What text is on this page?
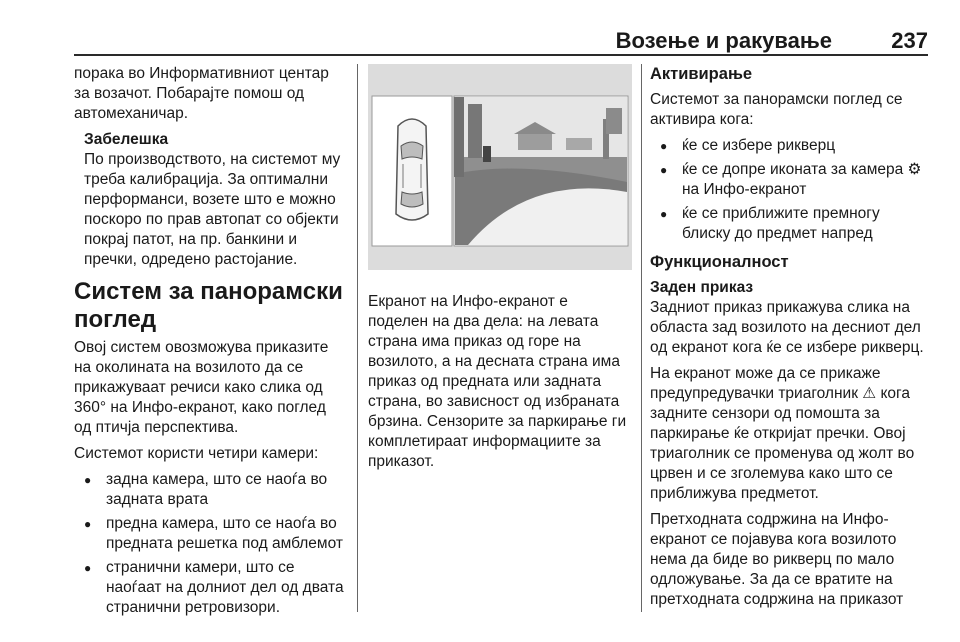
Возење и ракување	237

порака во Информативниот центар за возачот. Побарајте помош од автомеханичар.

Забелешка

По производството, на системот му треба калибрација. За оптимални перформанси, возете што е можно поскоро по прав автопат со објекти покрај патот, на пр. банкини и пречки, одредено растојание.

Систем за панорамски поглед

Овој систем овозможува приказите на околината на возилото да се прикажуваат речиси како слика од 360° на Инфо-екранот, како поглед од птичја перспектива.

Системот користи четири камери:

● задна камера, што се наоѓа во задната врата
● предна камера, што се наоѓа во предната решетка под амблемот
● странични камери, што се наоѓаат на долниот дел од двата странични ретровизори.

Екранот на Инфо-екранот е поделен на два дела: на левата страна има приказ од горе на возилото, а на десната страна има приказ од предната или задната страна, во зависност од избраната брзина. Сензорите за паркирање ги комплетираат информациите за приказот.

Активирање

Системот за панорамски поглед се активира кога:

● ќе се избере рикверц
● ќе се допре иконата за камера ⚙ на Инфо-екранот
● ќе се приближите премногу блиску до предмет напред
Функционалност
Заден приказ

Задниот приказ прикажува слика на областа зад возилото на десниот дел од екранот кога ќе се избере рикверц.

На екранот може да се прикаже предупредувачки триаголник ⚠ кога задните сензори од помошта за паркирање ќе откријат пречки. Овој триаголник се променува од жолт во црвен и се зголемува како што се приближува предметот.

Претходната содржина на Инфо-екранот се појавува кога возилото нема да биде во рикверц по мало одложување. За да се вратите на претходната содржина на приказот
